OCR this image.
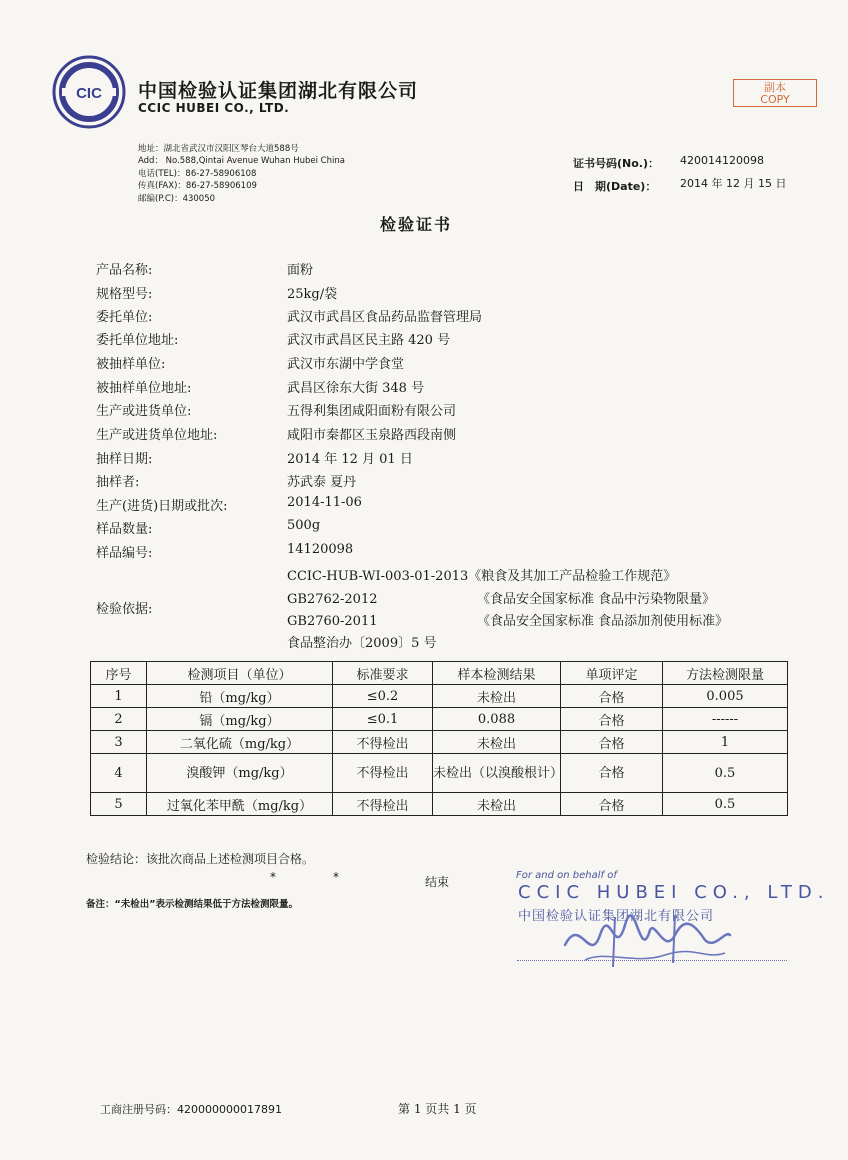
CIC 中国检验认证集团湖北有限公司
CCIC HUBEI CO., LTD.
副本
COPY
地址：湖北省武汉市汉阳区琴台大道588号
Add： No.588,Qintai Avenue Wuhan Hubei China
电话(TEL)：86-27-58906108
传真(FAX)：86-27-58906109
邮编(P.C)：430050
证书号码(No.)： 420014120098
日　期(Date)： 2014 年 12 月 15 日
检验证书
产品名称:	面粉
规格型号:	25kg/袋
委托单位:	武汉市武昌区食品药品监督管理局
委托单位地址:	武汉市武昌区民主路 420 号
被抽样单位:	武汉市东湖中学食堂
被抽样单位地址:	武昌区徐东大街 348 号
生产或进货单位:	五得利集团咸阳面粉有限公司
生产或进货单位地址:	咸阳市秦都区玉泉路西段南侧
抽样日期:	2014 年 12 月 01 日
抽样者:	苏武泰 夏丹
生产(进货)日期或批次:	2014-11-06
样品数量:	500g
样品编号:	14120098
检验依据:
CCIC-HUB-WI-003-01-2013《粮食及其加工产品检验工作规范》
GB2762-2012	《食品安全国家标准 食品中污染物限量》
GB2760-2011	《食品安全国家标准 食品添加剂使用标准》
食品整治办〔2009〕5 号
序号	检测项目（单位）	标准要求	样本检测结果	单项评定	方法检测限量
1	铅（mg/kg）	≤0.2	未检出	合格	0.005
2	镉（mg/kg）	≤0.1	0.088	合格	------
3	二氧化硫（mg/kg）	不得检出	未检出	合格	1
4	溴酸钾（mg/kg）	不得检出	未检出（以溴酸根计）	合格	0.5
5	过氧化苯甲酰（mg/kg）	不得检出	未检出	合格	0.5
检验结论：该批次商品上述检测项目合格。
*	*	结束
备注：“未检出”表示检测结果低于方法检测限量。
For and on behalf of
CCIC HUBEI CO., LTD.
中国检验认证集团湖北有限公司
工商注册号码：420000000017891	第 1 页共 1 页
